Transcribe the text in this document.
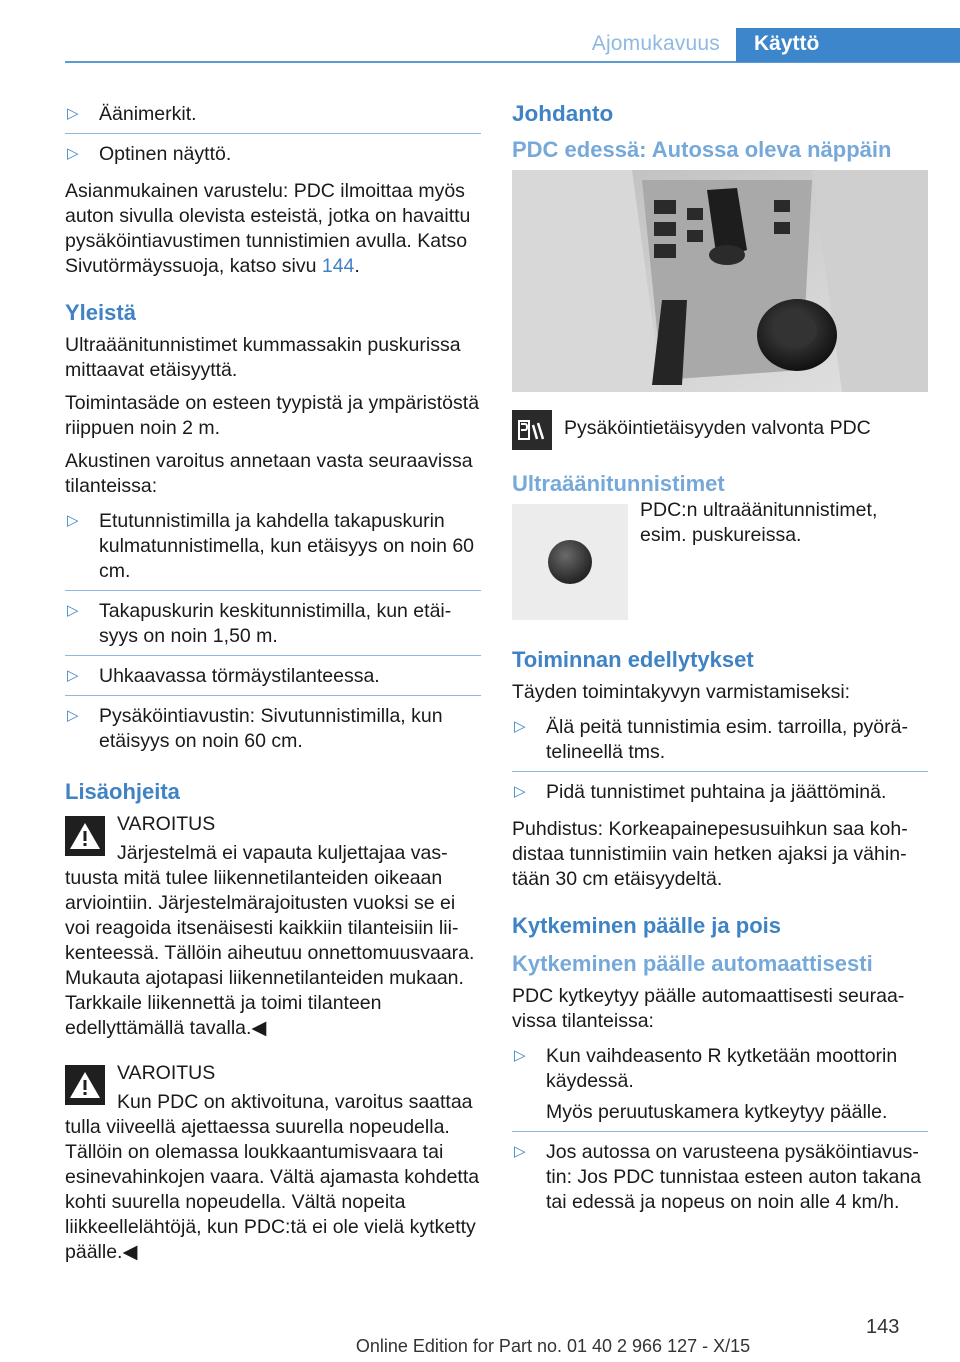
Ajomukavuus	Käyttö
▷ Äänimerkit.

▷ Optinen näyttö.

Asianmukainen varustelu: PDC ilmoittaa myös auton sivulla olevista esteistä, jotka on havaittu pysäköintiavustimen tunnistimien avulla. Katso Sivutörmäyssuoja, katso sivu 144.

Yleistä

Ultraäänitunnistimet kummassakin puskurissa mittaavat etäisyyttä.

Toimintasäde on esteen tyypistä ja ympäristöstä riippuen noin 2 m.

Akustinen varoitus annetaan vasta seuraavissa tilanteissa:

▷ Etutunnistimilla ja kahdella takapuskurin kulmatunnistimella, kun etäisyys on noin 60 cm.

▷ Takapuskurin keskitunnistimilla, kun etäisyys on noin 1,50 m.

▷ Uhkaavassa törmäystilanteessa.

▷ Pysäköintiavustin: Sivutunnistimilla, kun etäisyys on noin 60 cm.

Lisäohjeita

VAROITUS

Järjestelmä ei vapauta kuljettajaa vastuusta mitä tulee liikennetilanteiden oikeaan arviointiin. Järjestelmärajoitusten vuoksi se ei voi reagoida itsenäisesti kaikkiin tilanteisiin liikenteessä. Tällöin aiheutuu onnettomuusvaara. Mukauta ajotapasi liikennetilanteiden mukaan. Tarkkaile liikennettä ja toimi tilanteen edellyttämällä tavalla.◀

VAROITUS

Kun PDC on aktivoituna, varoitus saattaa tulla viiveellä ajettaessa suurella nopeudella. Tällöin on olemassa loukkaantumisvaara tai esinevahinkojen vaara. Vältä ajamasta kohdetta kohti suurella nopeudella. Vältä nopeita liikkeellelähtöjä, kun PDC:tä ei ole vielä kytketty päälle.◀

Johdanto
PDC edessä: Autossa oleva näppäin

Pysäköintietäisyyden valvonta PDC

Ultraäänitunnistimet

PDC:n ultraäänitunnistimet, esim. puskureissa.

Toiminnan edellytykset

Täyden toimintakyvyn varmistamiseksi:

▷ Älä peitä tunnistimia esim. tarroilla, pyörätelineellä tms.

▷ Pidä tunnistimet puhtaina ja jäättöminä.

Puhdistus: Korkeapainepesusuihkun saa kohdistaa tunnistimiin vain hetken ajaksi ja vähintään 30 cm etäisyydeltä.

Kytkeminen päälle ja pois
Kytkeminen päälle automaattisesti

PDC kytkeytyy päälle automaattisesti seuraavissa tilanteissa:

▷ Kun vaihdeasento R kytketään moottorin käydessä.

Myös peruutuskamera kytkeytyy päälle.

▷ Jos autossa on varusteena pysäköintiavustin: Jos PDC tunnistaa esteen auton takana tai edessä ja nopeus on noin alle 4 km/h.

143
Online Edition for Part no. 01 40 2 966 127 - X/15
